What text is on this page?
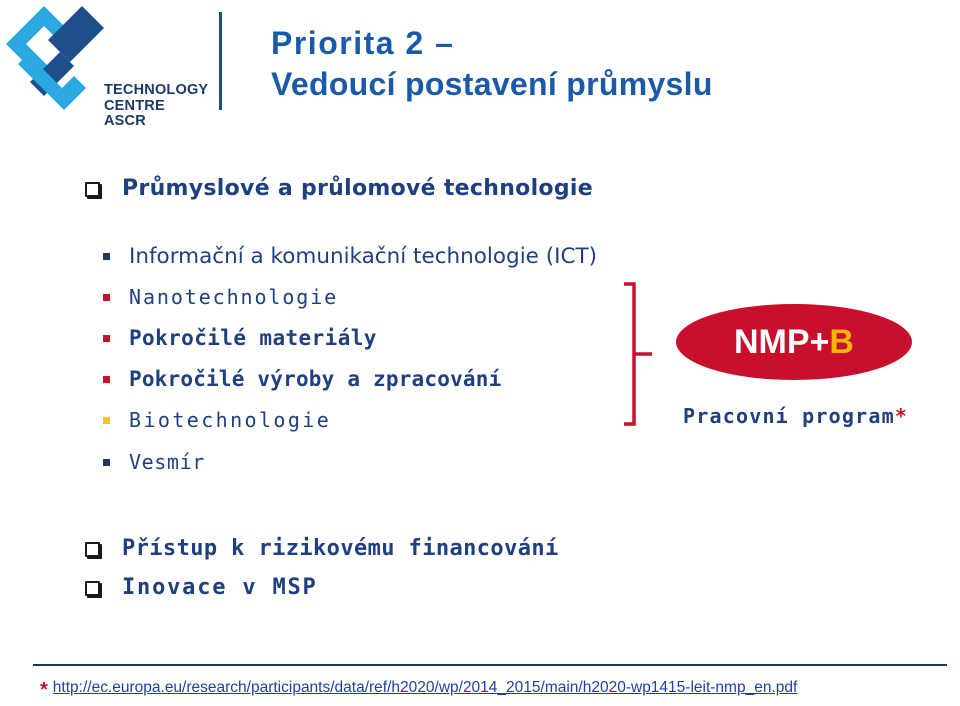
TECHNOLOGY
CENTRE ASCR
Priorita 2 –
Vedoucí postavení průmyslu
Průmyslové a průlomové technologie
Informační a komunikační technologie (ICT)
Nanotechnologie
Pokročilé materiály
Pokročilé výroby a zpracování
Biotechnologie
Vesmír
NMP+ B
Pracovní program*
Přístup k rizikovému financování
Inovace v MSP
* http://ec.europa.eu/research/participants/data/ref/h2020/wp/2014_2015/main/h2020-wp1415-leit-nmp_en.pdf
